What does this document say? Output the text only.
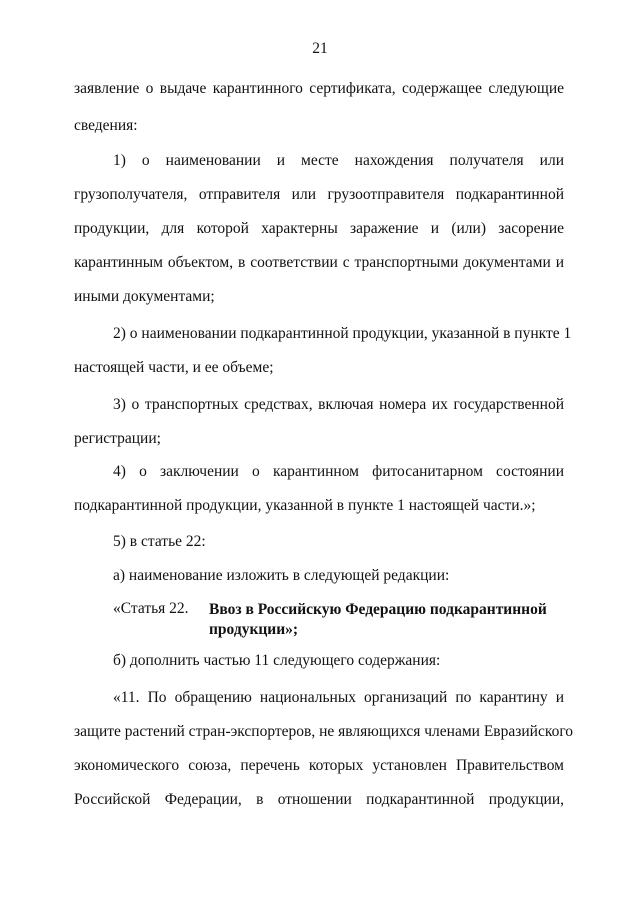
21
заявление о выдаче карантинного сертификата, содержащее следующие
сведения:
1) о наименовании и месте нахождения получателя или
грузополучателя, отправителя или грузоотправителя подкарантинной
продукции, для которой характерны заражение и (или) засорение
карантинным объектом, в соответствии с транспортными документами и
иными документами;
2) о наименовании подкарантинной продукции, указанной в пункте 1
настоящей части, и ее объеме;
3) о транспортных средствах, включая номера их государственной
регистрации;
4) о заключении о карантинном фитосанитарном состоянии
подкарантинной продукции, указанной в пункте 1 настоящей части.»;
5) в статье 22:
а) наименование изложить в следующей редакции:
«Статья 22. Ввоз в Российскую Федерацию подкарантинной продукции»;
б) дополнить частью 11 следующего содержания:
«11. По обращению национальных организаций по карантину и
защите растений стран-экспортеров, не являющихся членами Евразийского
экономического союза, перечень которых установлен Правительством
Российской Федерации, в отношении подкарантинной продукции,
